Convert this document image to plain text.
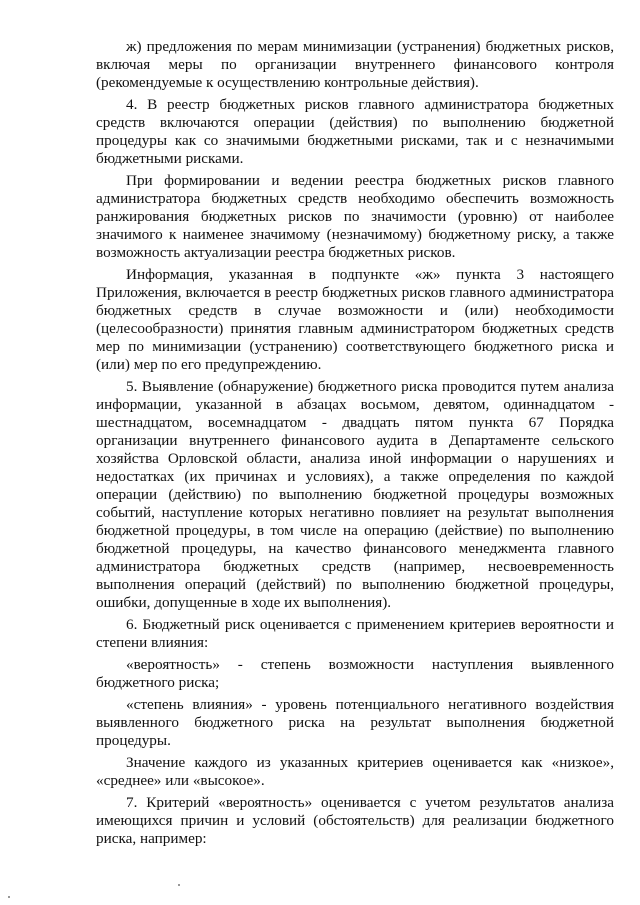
ж) предложения по мерам минимизации (устранения) бюджетных рисков, включая меры по организации внутреннего финансового контроля (рекомендуемые к осуществлению контрольные действия).

4. В реестр бюджетных рисков главного администратора бюджетных средств включаются операции (действия) по выполнению бюджетной процедуры как со значимыми бюджетными рисками, так и с незначимыми бюджетными рисками.

При формировании и ведении реестра бюджетных рисков главного администратора бюджетных средств необходимо обеспечить возможность ранжирования бюджетных рисков по значимости (уровню) от наиболее значимого к наименее значимому (незначимому) бюджетному риску, а также возможность актуализации реестра бюджетных рисков.

Информация, указанная в подпункте «ж» пункта 3 настоящего Приложения, включается в реестр бюджетных рисков главного администратора бюджетных средств в случае возможности и (или) необходимости (целесообразности) принятия главным администратором бюджетных средств мер по минимизации (устранению) соответствующего бюджетного риска и (или) мер по его предупреждению.

5. Выявление (обнаружение) бюджетного риска проводится путем анализа информации, указанной в абзацах восьмом, девятом, одиннадцатом - шестнадцатом, восемнадцатом - двадцать пятом пункта 67 Порядка организации внутреннего финансового аудита в Департаменте сельского хозяйства Орловской области, анализа иной информации о нарушениях и недостатках (их причинах и условиях), а также определения по каждой операции (действию) по выполнению бюджетной процедуры возможных событий, наступление которых негативно повлияет на результат выполнения бюджетной процедуры, в том числе на операцию (действие) по выполнению бюджетной процедуры, на качество финансового менеджмента главного администратора бюджетных средств (например, несвоевременность выполнения операций (действий) по выполнению бюджетной процедуры, ошибки, допущенные в ходе их выполнения).

6. Бюджетный риск оценивается с применением критериев вероятности и степени влияния:

«вероятность» - степень возможности наступления выявленного бюджетного риска;

«степень влияния» - уровень потенциального негативного воздействия выявленного бюджетного риска на результат выполнения бюджетной процедуры.

Значение каждого из указанных критериев оценивается как «низкое», «среднее» или «высокое».

7. Критерий «вероятность» оценивается с учетом результатов анализа имеющихся причин и условий (обстоятельств) для реализации бюджетного риска, например:
